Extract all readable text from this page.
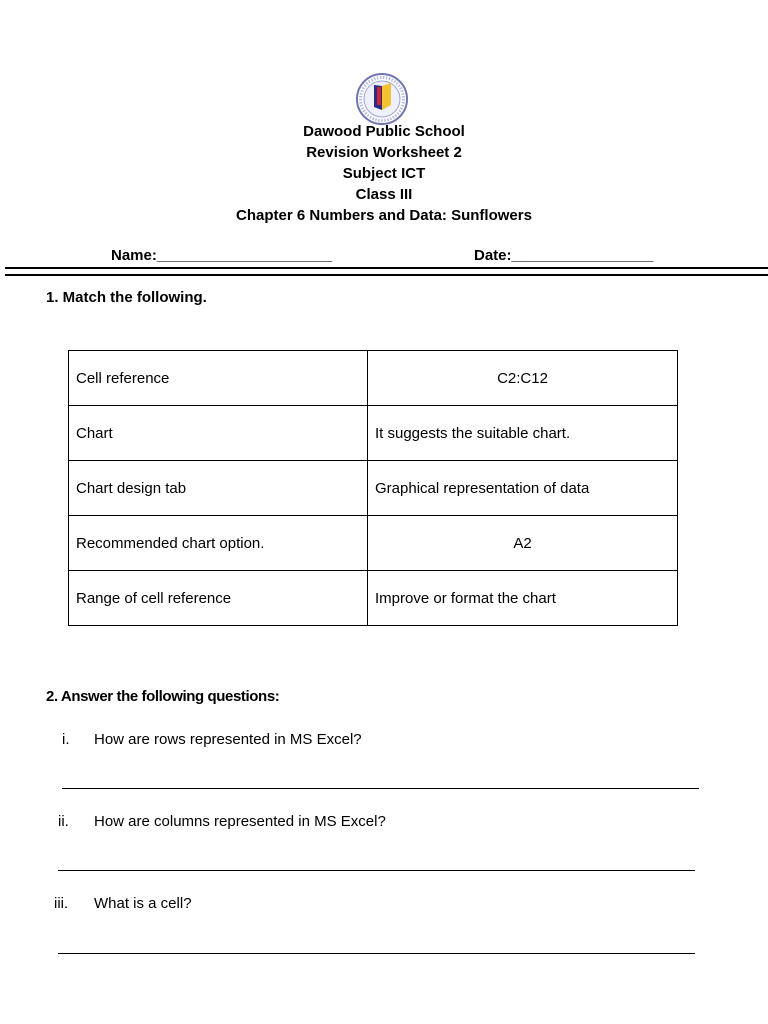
Dawood Public School
Revision Worksheet 2
Subject ICT
Class III
Chapter 6 Numbers and Data: Sunflowers
Name:_____________________	Date:_________________
1. Match the following.
Cell reference	C2:C12
Chart	It suggests the suitable chart.
Chart design tab	Graphical representation of data
Recommended chart option.	A2
Range of cell reference	Improve or format the chart
2. Answer the following questions:
i. How are rows represented in MS Excel?
ii. How are columns represented in MS Excel?
iii. What is a cell?
